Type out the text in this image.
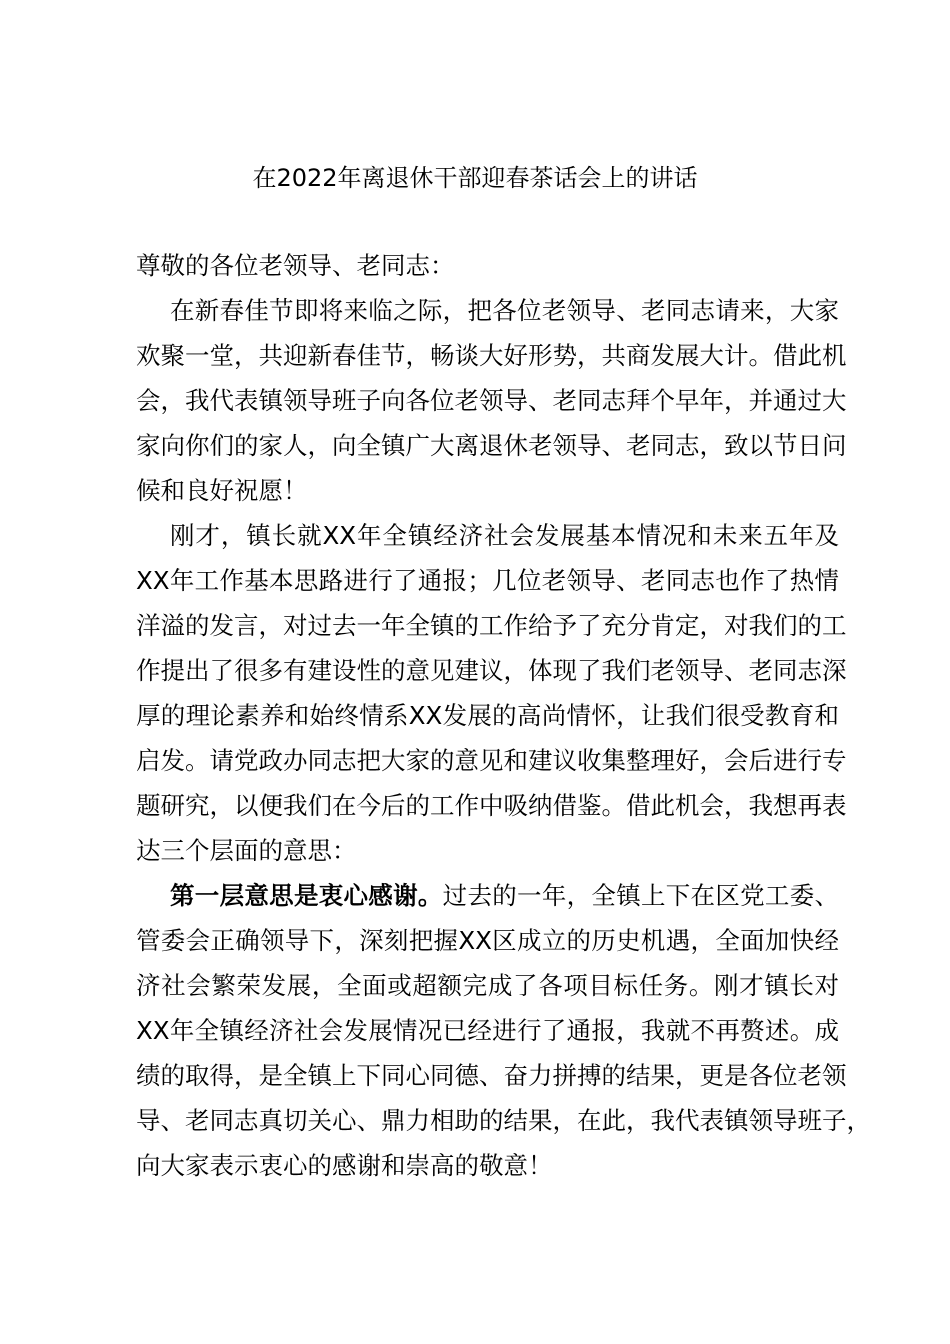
在2022年离退休干部迎春茶话会上的讲话
尊敬的各位老领导、老同志：
在新春佳节即将来临之际，把各位老领导、老同志请来，大家
欢聚一堂，共迎新春佳节，畅谈大好形势，共商发展大计。借此机
会，我代表镇领导班子向各位老领导、老同志拜个早年，并通过大
家向你们的家人，向全镇广大离退休老领导、老同志，致以节日问
候和良好祝愿！
刚才，镇长就XX年全镇经济社会发展基本情况和未来五年及
XX年工作基本思路进行了通报；几位老领导、老同志也作了热情
洋溢的发言，对过去一年全镇的工作给予了充分肯定，对我们的工
作提出了很多有建设性的意见建议，体现了我们老领导、老同志深
厚的理论素养和始终情系XX发展的高尚情怀，让我们很受教育和
启发。请党政办同志把大家的意见和建议收集整理好，会后进行专
题研究，以便我们在今后的工作中吸纳借鉴。借此机会，我想再表
达三个层面的意思：
第一层意思是衷心感谢。过去的一年，全镇上下在区党工委、
管委会正确领导下，深刻把握XX区成立的历史机遇，全面加快经
济社会繁荣发展，全面或超额完成了各项目标任务。刚才镇长对
XX年全镇经济社会发展情况已经进行了通报，我就不再赘述。成
绩的取得，是全镇上下同心同德、奋力拼搏的结果，更是各位老领
导、老同志真切关心、鼎力相助的结果，在此，我代表镇领导班子，
向大家表示衷心的感谢和崇高的敬意！
